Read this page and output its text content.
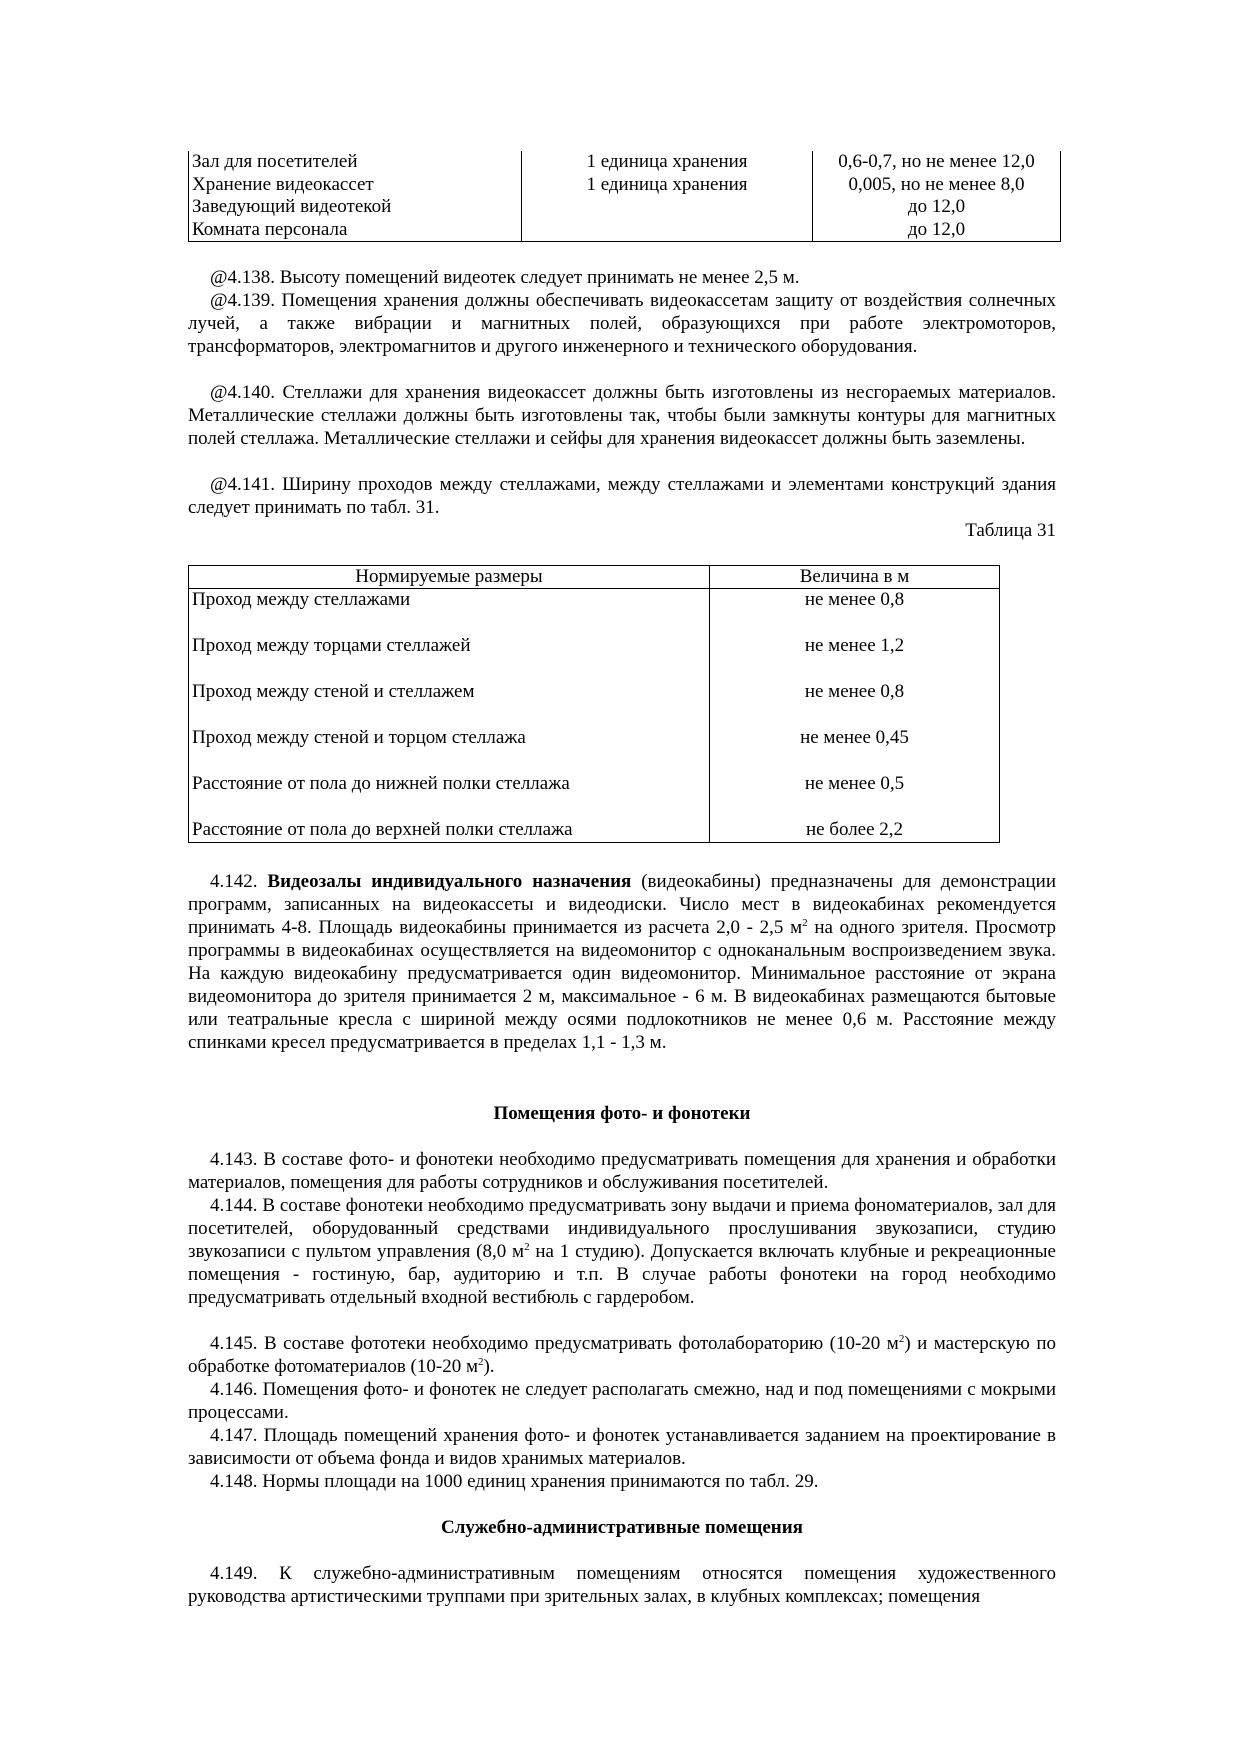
Зал для посетителей	1 единица хранения	0,6-0,7, но не менее 12,0
Хранение видеокассет	1 единица хранения	0,005, но не менее 8,0
Заведующий видеотекой		до 12,0
Комната персонала		до 12,0

@4.138. Высоту помещений видеотек следует принимать не менее 2,5 м.

@4.139. Помещения хранения должны обеспечивать видеокассетам защиту от воздействия солнечных лучей, а также вибрации и магнитных полей, образующихся при работе электромоторов, трансформаторов, электромагнитов и другого инженерного и технического оборудования.

@4.140. Стеллажи для хранения видеокассет должны быть изготовлены из несгораемых материалов. Металлические стеллажи должны быть изготовлены так, чтобы были замкнуты контуры для магнитных полей стеллажа. Металлические стеллажи и сейфы для хранения видеокассет должны быть заземлены.

@4.141. Ширину проходов между стеллажами, между стеллажами и элементами конструкций здания следует принимать по табл. 31.

Таблица 31
Нормируемые размеры	Величина в м
Проход между стеллажами	не менее 0,8
Проход между торцами стеллажей	не менее 1,2
Проход между стеной и стеллажем	не менее 0,8
Проход между стеной и торцом стеллажа	не менее 0,45
Расстояние от пола до нижней полки стеллажа	не менее 0,5
Расстояние от пола до верхней полки стеллажа	не более 2,2

4.142. Видеозалы индивидуального назначения (видеокабины) предназначены для демонстрации программ, записанных на видеокассеты и видеодиски. Число мест в видеокабинах рекомендуется принимать 4-8. Площадь видеокабины принимается из расчета 2,0 - 2,5 $м^2$ на одного зрителя. Просмотр программы в видеокабинах осуществляется на видеомонитор с одноканальным воспроизведением звука. На каждую видеокабину предусматривается один видеомонитор. Минимальное расстояние от экрана видеомонитора до зрителя принимается 2 м, максимальное - 6 м. В видеокабинах размещаются бытовые или театральные кресла с шириной между осями подлокотников не менее 0,6 м. Расстояние между спинками кресел предусматривается в пределах 1,1 - 1,3 м.

Помещения фото- и фонотеки

4.143. В составе фото- и фонотеки необходимо предусматривать помещения для хранения и обработки материалов, помещения для работы сотрудников и обслуживания посетителей.

4.144. В составе фонотеки необходимо предусматривать зону выдачи и приема фономатериалов, зал для посетителей, оборудованный средствами индивидуального прослушивания звукозаписи, студию звукозаписи с пультом управления (8,0 $м^2$ на 1 студию). Допускается включать клубные и рекреационные помещения - гостиную, бар, аудиторию и т.п. В случае работы фонотеки на город необходимо предусматривать отдельный входной вестибюль с гардеробом.

4.145. В составе фототеки необходимо предусматривать фотолабораторию (10-20 $м^2$) и мастерскую по обработке фотоматериалов (10-20 $м^2$).

4.146. Помещения фото- и фонотек не следует располагать смежно, над и под помещениями с мокрыми процессами.

4.147. Площадь помещений хранения фото- и фонотек устанавливается заданием на проектирование в зависимости от объема фонда и видов хранимых материалов.

4.148. Нормы площади на 1000 единиц хранения принимаются по табл. 29.

Служебно-административные помещения

4.149. К служебно-административным помещениям относятся помещения художественного руководства артистическими труппами при зрительных залах, в клубных комплексах; помещения
